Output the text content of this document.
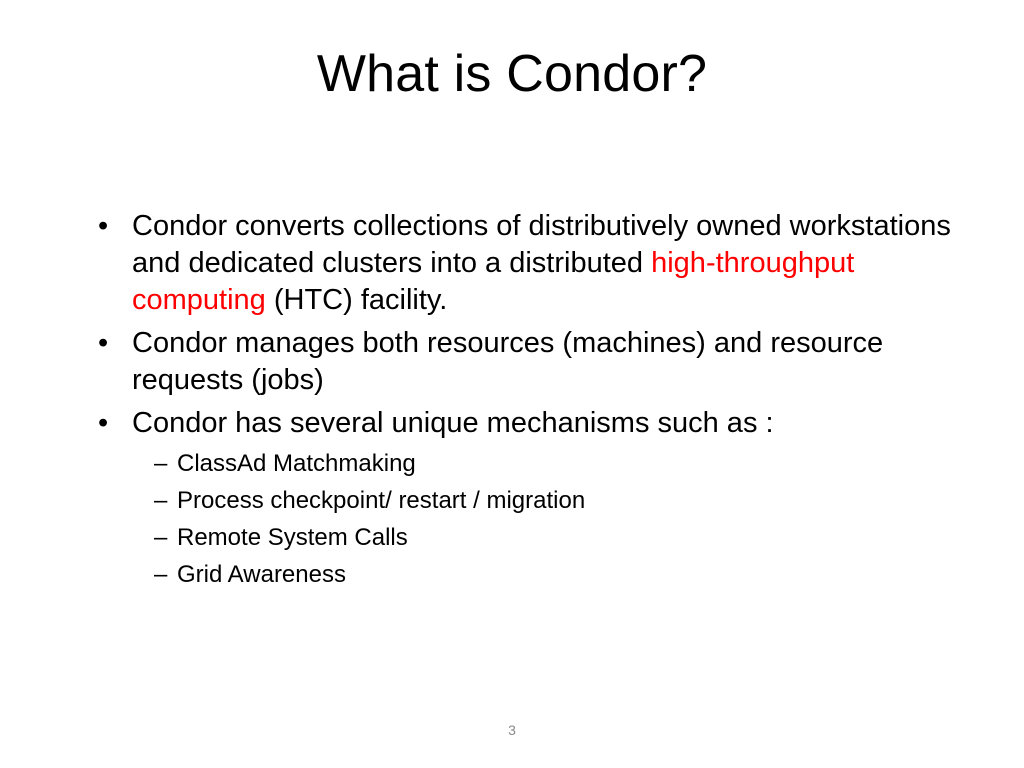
What is Condor?
• Condor converts collections of distributively owned workstations and dedicated clusters into a distributed high-throughput computing (HTC) facility.
• Condor manages both resources (machines) and resource requests (jobs)
• Condor has several unique mechanisms such as :
– ClassAd Matchmaking
– Process checkpoint/ restart / migration
– Remote System Calls
– Grid Awareness
3
